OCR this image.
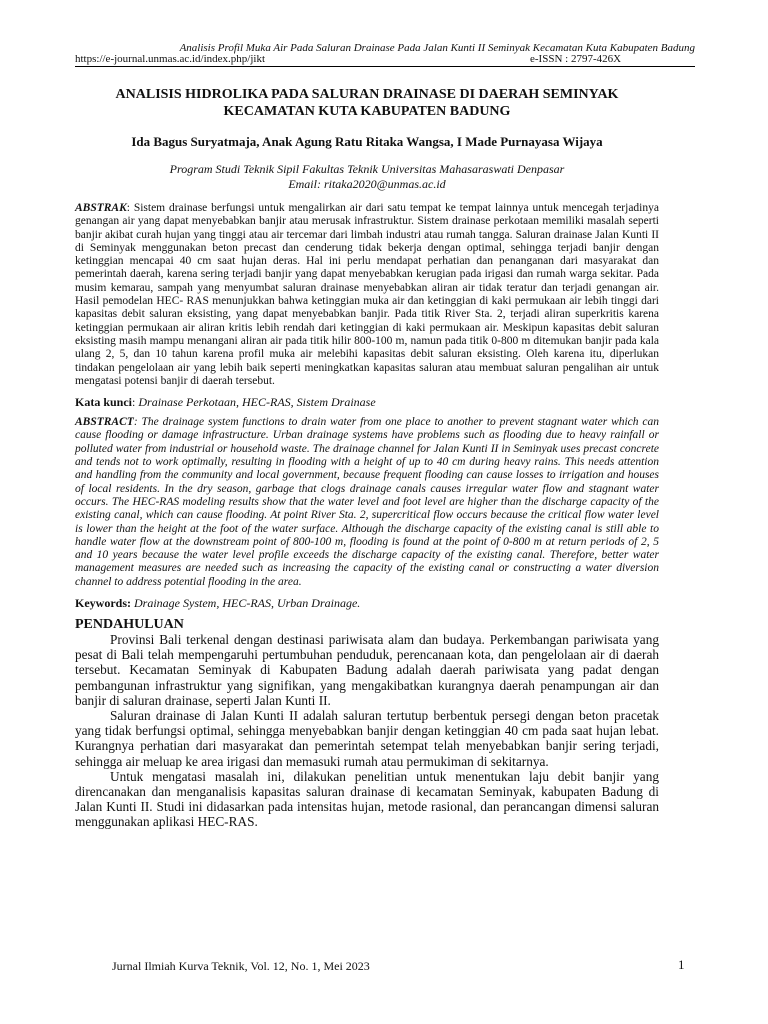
Analisis Profil Muka Air Pada Saluran Drainase Pada Jalan Kunti II Seminyak Kecamatan Kuta Kabupaten Badung
https://e-journal.unmas.ac.id/index.php/jikt	e-ISSN : 2797-426X
ANALISIS HIDROLIKA PADA SALURAN DRAINASE DI DAERAH SEMINYAK KECAMATAN KUTA KABUPATEN BADUNG
Ida Bagus Suryatmaja, Anak Agung Ratu Ritaka Wangsa, I Made Purnayasa Wijaya
Program Studi Teknik Sipil Fakultas Teknik Universitas Mahasaraswati Denpasar
Email: ritaka2020@unmas.ac.id

ABSTRAK: Sistem drainase berfungsi untuk mengalirkan air dari satu tempat ke tempat lainnya untuk mencegah terjadinya genangan air yang dapat menyebabkan banjir atau merusak infrastruktur. Sistem drainase perkotaan memiliki masalah seperti banjir akibat curah hujan yang tinggi atau air tercemar dari limbah industri atau rumah tangga. Saluran drainase Jalan Kunti II di Seminyak menggunakan beton precast dan cenderung tidak bekerja dengan optimal, sehingga terjadi banjir dengan ketinggian mencapai 40 cm saat hujan deras. Hal ini perlu mendapat perhatian dan penanganan dari masyarakat dan pemerintah daerah, karena sering terjadi banjir yang dapat menyebabkan kerugian pada irigasi dan rumah warga sekitar. Pada musim kemarau, sampah yang menyumbat saluran drainase menyebabkan aliran air tidak teratur dan terjadi genangan air. Hasil pemodelan HEC- RAS menunjukkan bahwa ketinggian muka air dan ketinggian di kaki permukaan air lebih tinggi dari kapasitas debit saluran eksisting, yang dapat menyebabkan banjir. Pada titik River Sta. 2, terjadi aliran superkritis karena ketinggian permukaan air aliran kritis lebih rendah dari ketinggian di kaki permukaan air. Meskipun kapasitas debit saluran eksisting masih mampu menangani aliran air pada titik hilir 800-100 m, namun pada titik 0-800 m ditemukan banjir pada kala ulang 2, 5, dan 10 tahun karena profil muka air melebihi kapasitas debit saluran eksisting. Oleh karena itu, diperlukan tindakan pengelolaan air yang lebih baik seperti meningkatkan kapasitas saluran atau membuat saluran pengalihan air untuk mengatasi potensi banjir di daerah tersebut.

Kata kunci: Drainase Perkotaan, HEC-RAS, Sistem Drainase

ABSTRACT: The drainage system functions to drain water from one place to another to prevent stagnant water which can cause flooding or damage infrastructure. Urban drainage systems have problems such as flooding due to heavy rainfall or polluted water from industrial or household waste. The drainage channel for Jalan Kunti II in Seminyak uses precast concrete and tends not to work optimally, resulting in flooding with a height of up to 40 cm during heavy rains. This needs attention and handling from the community and local government, because frequent flooding can cause losses to irrigation and houses of local residents. In the dry season, garbage that clogs drainage canals causes irregular water flow and stagnant water occurs. The HEC-RAS modeling results show that the water level and foot level are higher than the discharge capacity of the existing canal, which can cause flooding. At point River Sta. 2, supercritical flow occurs because the critical flow water level is lower than the height at the foot of the water surface. Although the discharge capacity of the existing canal is still able to handle water flow at the downstream point of 800-100 m, flooding is found at the point of 0-800 m at return periods of 2, 5 and 10 years because the water level profile exceeds the discharge capacity of the existing canal. Therefore, better water management measures are needed such as increasing the capacity of the existing canal or constructing a water diversion channel to address potential flooding in the area.

Keywords: Drainage System, HEC-RAS, Urban Drainage.

PENDAHULUAN

Provinsi Bali terkenal dengan destinasi pariwisata alam dan budaya. Perkembangan pariwisata yang pesat di Bali telah mempengaruhi pertumbuhan penduduk, perencanaan kota, dan pengelolaan air di daerah tersebut. Kecamatan Seminyak di Kabupaten Badung adalah daerah pariwisata yang padat dengan pembangunan infrastruktur yang signifikan, yang mengakibatkan kurangnya daerah penampungan air dan banjir di saluran drainase, seperti Jalan Kunti II.

Saluran drainase di Jalan Kunti II adalah saluran tertutup berbentuk persegi dengan beton pracetak yang tidak berfungsi optimal, sehingga menyebabkan banjir dengan ketinggian 40 cm pada saat hujan lebat. Kurangnya perhatian dari masyarakat dan pemerintah setempat telah menyebabkan banjir sering terjadi, sehingga air meluap ke area irigasi dan memasuki rumah atau permukiman di sekitarnya.

Untuk mengatasi masalah ini, dilakukan penelitian untuk menentukan laju debit banjir yang direncanakan dan menganalisis kapasitas saluran drainase di kecamatan Seminyak, kabupaten Badung di Jalan Kunti II. Studi ini didasarkan pada intensitas hujan, metode rasional, dan perancangan dimensi saluran menggunakan aplikasi HEC-RAS.

Jurnal Ilmiah Kurva Teknik, Vol. 12, No. 1, Mei 2023	1
